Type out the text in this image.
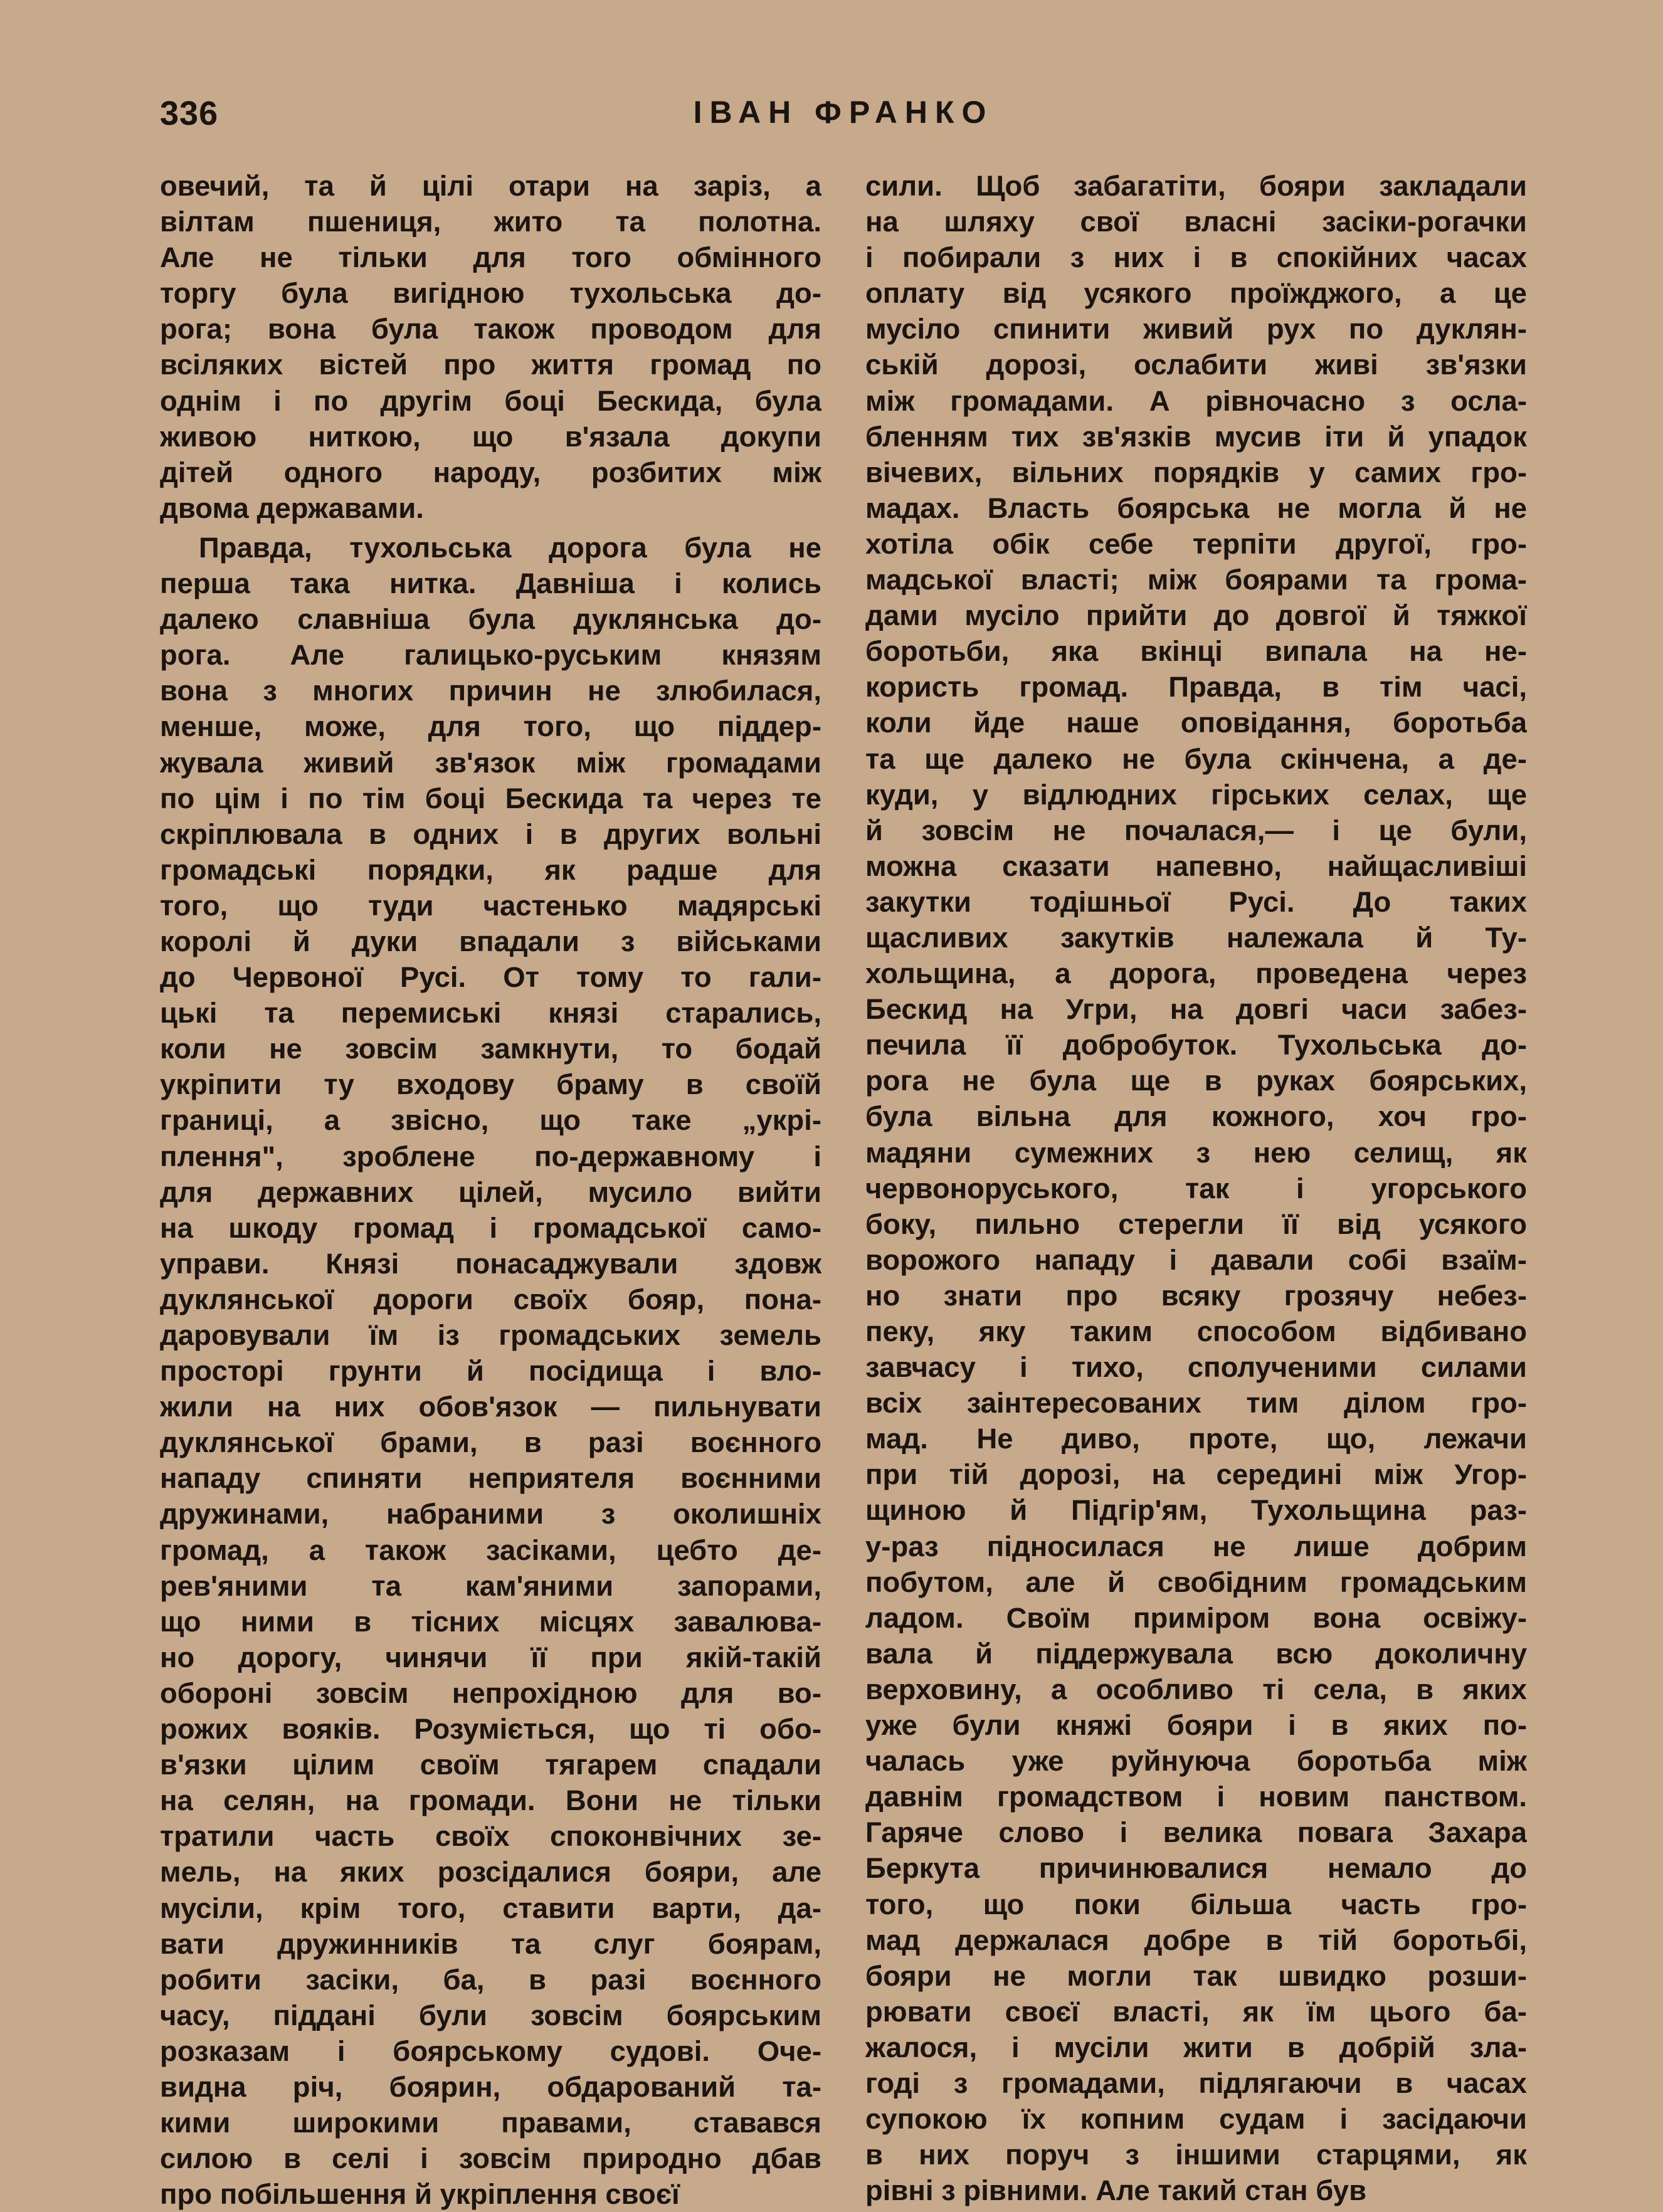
336	ІВАН ФРАНКО
овечий, та й цілі отари на заріз, а
вілтам пшениця, жито та полотна.
Але не тільки для того обмінного
торгу була вигідною тухольська до-
рога; вона була також проводом для
всіляких вістей про життя громад по
однім і по другім боці Бескида, була
живою ниткою, що в'язала докупи
дітей одного народу, розбитих між
двома державами.
Правда, тухольська дорога була не
перша така нитка. Давніша і колись
далеко славніша була дуклянська до-
рога. Але галицько-руським князям
вона з многих причин не злюбилася,
менше, може, для того, що піддер-
жувала живий зв'язок між громадами
по цім і по тім боці Бескида та через те
скріплювала в одних і в других вольні
громадські порядки, як радше для
того, що туди частенько мадярські
королі й дуки впадали з військами
до Червоної Русі. От тому то гали-
цькі та перемиські князі старались,
коли не зовсім замкнути, то бодай
укріпити ту входову браму в своїй
границі, а звісно, що таке „укрі-
плення", зроблене по-державному і
для державних цілей, мусило вийти
на шкоду громад і громадської само-
управи. Князі понасаджували здовж
дуклянської дороги своїх бояр, пона-
даровували їм із громадських земель
просторі грунти й посідища і вло-
жили на них обов'язок — пильнувати
дуклянської брами, в разі воєнного
нападу спиняти неприятеля воєнними
дружинами, набраними з околишніх
громад, а також засіками, цебто де-
рев'яними та кам'яними запорами,
що ними в тісних місцях завалюва-
но дорогу, чинячи її при якій-такій
обороні зовсім непрохідною для во-
рожих вояків. Розуміється, що ті обо-
в'язки цілим своїм тягарем спадали
на селян, на громади. Вони не тільки
тратили часть своїх споконвічних зе-
мель, на яких розсідалися бояри, але
мусіли, крім того, ставити варти, да-
вати дружинників та слуг боярам,
робити засіки, ба, в разі воєнного
часу, піддані були зовсім боярським
розказам і боярському судові. Оче-
видна річ, боярин, обдарований та-
кими широкими правами, ставався
силою в селі і зовсім природно дбав
про побільшення й укріплення своєї
сили. Щоб забагатіти, бояри закладали
на шляху свої власні засіки-рогачки
і побирали з них і в спокійних часах
оплату від усякого проїжджого, а це
мусіло спинити живий рух по дуклян-
ській дорозі, ослабити живі зв'язки
між громадами. А рівночасно з осла-
бленням тих зв'язків мусив іти й упадок
вічевих, вільних порядків у самих гро-
мадах. Власть боярська не могла й не
хотіла обік себе терпіти другої, гро-
мадської власті; між боярами та грома-
дами мусіло прийти до довгої й тяжкої
боротьби, яка вкінці випала на не-
користь громад. Правда, в тім часі,
коли йде наше оповідання, боротьба
та ще далеко не була скінчена, а де-
куди, у відлюдних гірських селах, ще
й зовсім не почалася,— і це були,
можна сказати напевно, найщасливіші
закутки тодішньої Русі. До таких
щасливих закутків належала й Ту-
хольщина, а дорога, проведена через
Бескид на Угри, на довгі часи забез-
печила її добробуток. Тухольська до-
рога не була ще в руках боярських,
була вільна для кожного, хоч гро-
мадяни сумежних з нею селищ, як
червоноруського, так і угорського
боку, пильно стерегли її від усякого
ворожого нападу і давали собі взаїм-
но знати про всяку грозячу небез-
пеку, яку таким способом відбивано
завчасу і тихо, сполученими силами
всіх заінтересованих тим ділом гро-
мад. Не диво, проте, що, лежачи
при тій дорозі, на середині між Угор-
щиною й Підгір'ям, Тухольщина раз-
у-раз підносилася не лише добрим
побутом, але й свобідним громадським
ладом. Своїм приміром вона освіжу-
вала й піддержувала всю доколичну
верховину, а особливо ті села, в яких
уже були княжі бояри і в яких по-
чалась уже руйнуюча боротьба між
давнім громадством і новим панством.
Гаряче слово і велика повага Захара
Беркута причинювалися немало до
того, що поки більша часть гро-
мад держалася добре в тій боротьбі,
бояри не могли так швидко розши-
рювати своєї власті, як їм цього ба-
жалося, і мусіли жити в добрій зла-
годі з громадами, підлягаючи в часах
супокою їх копним судам і засідаючи
в них поруч з іншими старцями, як
рівні з рівними. Але такий стан був
